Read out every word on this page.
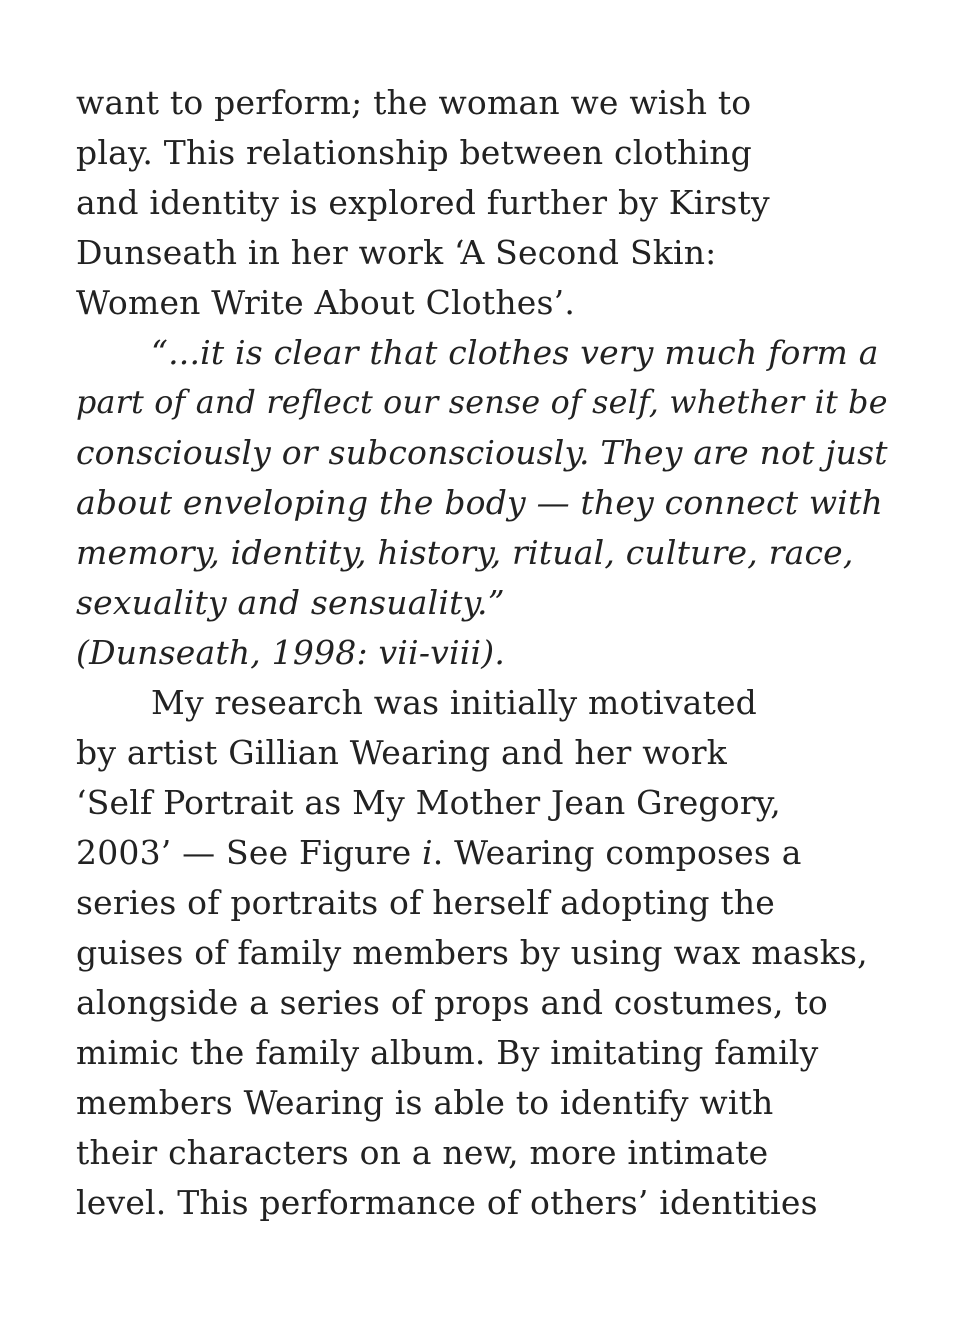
want to perform; the woman we wish to
play. This relationship between clothing
and identity is explored further by Kirsty
Dunseath in her work ‘A Second Skin:
Women Write About Clothes’.
“...it is clear that clothes very much form a
part of and reflect our sense of self, whether it be
consciously or subconsciously. They are not just
about enveloping the body — they connect with
memory, identity, history, ritual, culture, race,
sexuality and sensuality.”
(Dunseath, 1998: vii-viii).
My research was initially motivated
by artist Gillian Wearing and her work
‘Self Portrait as My Mother Jean Gregory,
2003’ — See Figure i. Wearing composes a
series of portraits of herself adopting the
guises of family members by using wax masks,
alongside a series of props and costumes, to
mimic the family album. By imitating family
members Wearing is able to identify with
their characters on a new, more intimate
level. This performance of others’ identities
